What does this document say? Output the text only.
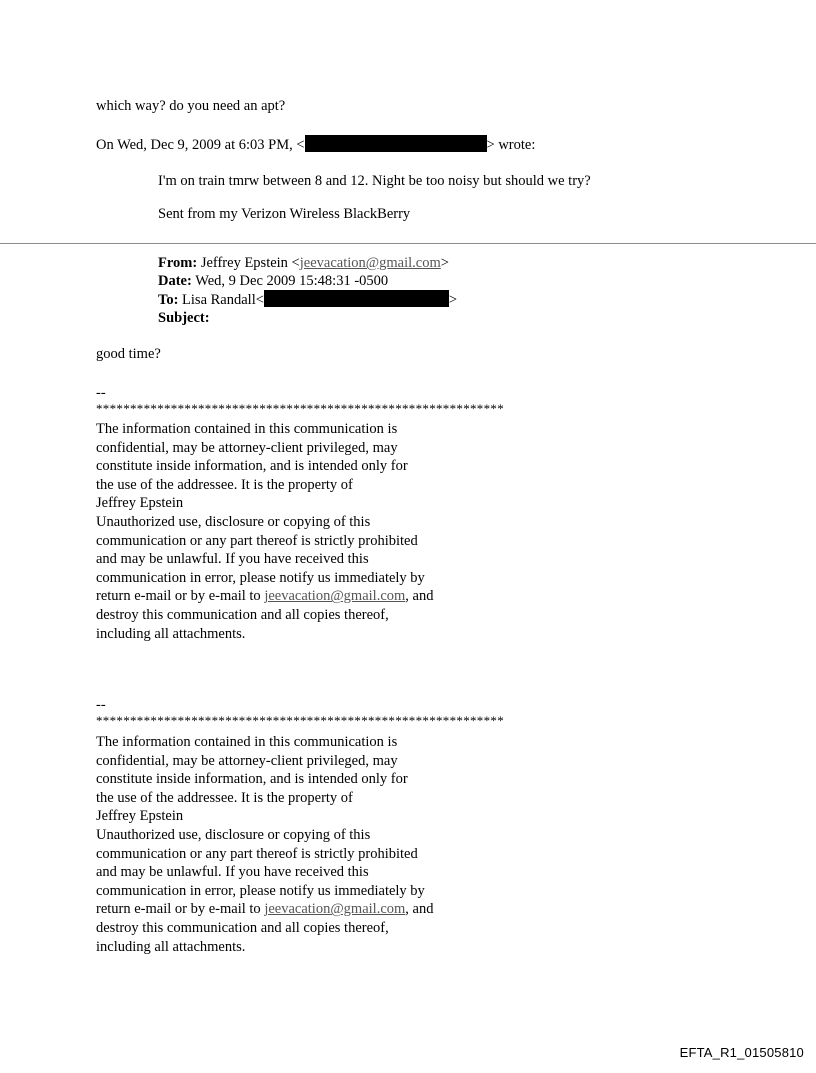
which way? do you need an apt?
On Wed, Dec 9, 2009 at 6:03 PM, <	> wrote:
I'm on train tmrw between 8 and 12. Night be too noisy but should we try?
Sent from my Verizon Wireless BlackBerry
From: Jeffrey Epstein <jeevacation@gmail.com>
Date: Wed, 9 Dec 2009 15:48:31 -0500
To: Lisa Randall<	>
Subject:
good time?
--
************************************************************
The information contained in this communication is
confidential, may be attorney-client privileged, may
constitute inside information, and is intended only for
the use of the addressee. It is the property of
Jeffrey Epstein
Unauthorized use, disclosure or copying of this
communication or any part thereof is strictly prohibited
and may be unlawful. If you have received this
communication in error, please notify us immediately by
return e-mail or by e-mail to jeevacation@gmail.com, and
destroy this communication and all copies thereof,
including all attachments.
--
************************************************************
The information contained in this communication is
confidential, may be attorney-client privileged, may
constitute inside information, and is intended only for
the use of the addressee. It is the property of
Jeffrey Epstein
Unauthorized use, disclosure or copying of this
communication or any part thereof is strictly prohibited
and may be unlawful. If you have received this
communication in error, please notify us immediately by
return e-mail or by e-mail to jeevacation@gmail.com, and
destroy this communication and all copies thereof,
including all attachments.
EFTA_R1_01505810
